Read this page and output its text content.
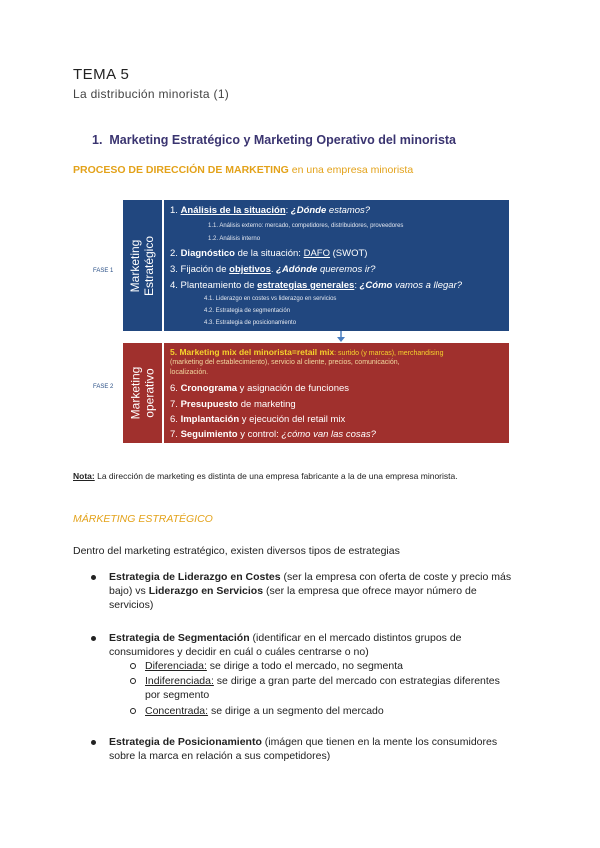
TEMA 5
La distribución minorista (1)
1. Marketing Estratégico y Marketing Operativo del minorista
PROCESO DE DIRECCIÓN DE MARKETING en una empresa minorista
FASE 1
FASE 2
Marketing
Estratégico
1. Análisis de la situación: ¿Dónde estamos?
1.1. Análisis externo: mercado, competidores, distribuidores, proveedores
1.2. Análisis interno
2. Diagnóstico de la situación: DAFO (SWOT)
3. Fijación de objetivos. ¿Adónde queremos ir?
4. Planteamiento de estrategias generales: ¿Cómo vamos a llegar?
4.1. Liderazgo en costes vs liderazgo en servicios
4.2. Estrategia de segmentación
4.3. Estrategia de posicionamiento
Marketing
operativo
5. Marketing mix del minorista=retail mix: surtido (y marcas), merchandising
(marketing del establecimiento), servicio al cliente, precios, comunicación,
localización.
6. Cronograma y asignación de funciones
7. Presupuesto de marketing
6. Implantación y ejecución del retail mix
7. Seguimiento y control: ¿cómo van las cosas?
Nota: La dirección de marketing es distinta de una empresa fabricante a la de una empresa minorista.
MÁRKETING ESTRATÉGICO
Dentro del marketing estratégico, existen diversos tipos de estrategias
Estrategia de Liderazgo en Costes (ser la empresa con oferta de coste y precio más
bajo) vs Liderazgo en Servicios (ser la empresa que ofrece mayor número de
servicios)
Estrategia de Segmentación (identificar en el mercado distintos grupos de
consumidores y decidir en cuál o cuáles centrarse o no)
Diferenciada: se dirige a todo el mercado, no segmenta
Indiferenciada: se dirige a gran parte del mercado con estrategias diferentes
por segmento
Concentrada: se dirige a un segmento del mercado
Estrategia de Posicionamiento (imágen que tienen en la mente los consumidores
sobre la marca en relación a sus competidores)
